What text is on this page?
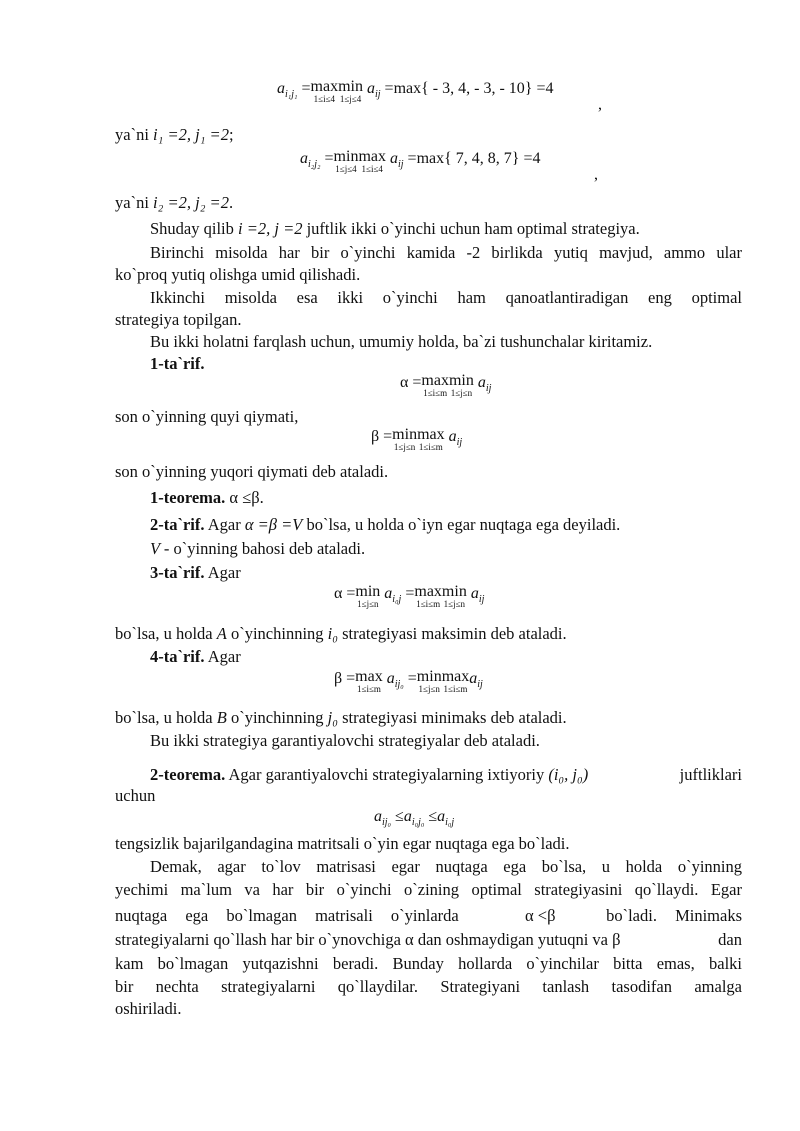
$a_{i_1j_1} = \max$
1≤i≤4
min
1≤j≤4
$a_{ij} =\max\{ - 3$, 4, - 3, - 10} =4
,
ya`ni i₁ =2, j₁ =2;
$a_{i_2j_2} = \min$
1≤j≤4
max
1≤i≤4
$a_{ij} =\max${ 7, 4, 8, 7} =4
,
ya`ni i₂ =2, j₂ =2.
Shuday qilib i =2, j =2 juftlik ikki o`yinchi uchun ham optimal strategiya.
Birinchi misolda har bir o`yinchi kamida -2 birlikda yutiq mavjud, ammo ular
ko`proq yutiq olishga umid qilishadi.
Ikkinchi misolda esa ikki o`yinchi ham qanoatlantiradigan eng optimal
strategiya topilgan.
Bu ikki holatni farqlash uchun, umumiy holda, ba`zi tushunchalar kiritamiz.
1-ta`rif.
α = max
1≤i≤m
min
1≤j≤n
$a_{ij}$
son o`yinning quyi qiymati,
β = min
1≤j≤n
max
1≤i≤m
$a_{ij}$
son o`yinning yuqori qiymati deb ataladi.
1-teorema. α ≤β.
2-ta`rif. Agar α =β =V bo`lsa, u holda o`iyn egar nuqtaga ega deyiladi.
V - o`yinning bahosi deb ataladi.
3-ta`rif. Agar
α = min
1≤j≤n
$a_{i_0j} = \max$
1≤i≤m
min
1≤j≤n
$a_{ij}$
bo`lsa, u holda A o`yinchinning i₀ strategiyasi maksimin deb ataladi.
4-ta`rif. Agar
β = max
1≤i≤m
$a_{ij_0} = \min$
1≤j≤n
max
1≤i≤m
$a_{ij}$
bo`lsa, u holda B o`yinchinning j₀ strategiyasi minimaks deb ataladi.
Bu ikki strategiya garantiyalovchi strategiyalar deb ataladi.
2-teorema. Agar garantiyalovchi strategiyalarning ixtiyoriy (i₀, j₀)	juftliklari
uchun
$a_{ij_0} \le a_{i_0j_0} \le a_{i_0j}$
tengsizlik bajarilgandagina matritsali o`yin egar nuqtaga ega bo`ladi.
Demak, agar to`lov matrisasi egar nuqtaga ega bo`lsa, u holda o`yinning
yechimi ma`lum va har bir o`yinchi o`zining optimal strategiyasini qo`llaydi. Egar
nuqtaga ega bo`lmagan matrisali o`yinlarda	α <β	bo`ladi. Minimaks
strategiyalarni qo`llash har bir o`ynovchiga α dan oshmaydigan yutuqni va β	dan
kam bo`lmagan yutqazishni beradi. Bunday hollarda o`yinchilar bitta emas, balki
bir nechta strategiyalarni qo`llaydilar. Strategiyani tanlash tasodifan amalga
oshiriladi.
